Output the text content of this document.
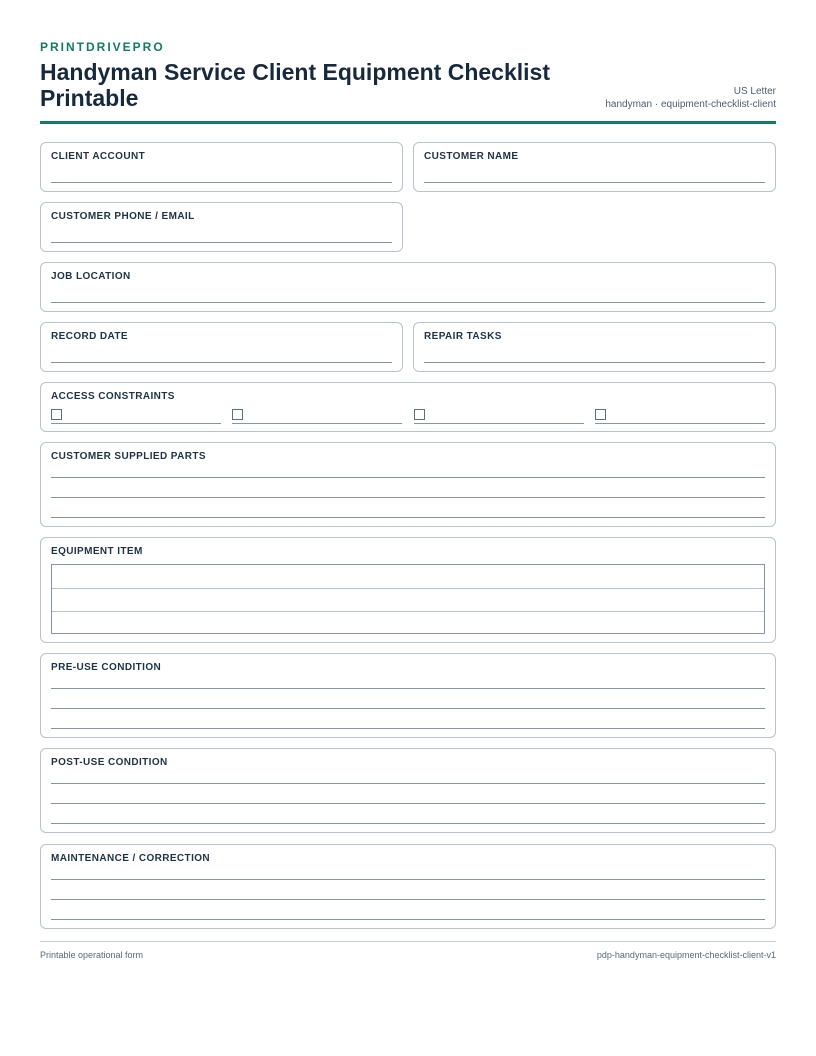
PRINTDRIVEPRO
Handyman Service Client Equipment Checklist Printable	US Letter
handyman · equipment-checklist-client
CLIENT ACCOUNT	CUSTOMER NAME
CUSTOMER PHONE / EMAIL
JOB LOCATION
RECORD DATE	REPAIR TASKS
ACCESS CONSTRAINTS
CUSTOMER SUPPLIED PARTS
EQUIPMENT ITEM
PRE-USE CONDITION
POST-USE CONDITION
MAINTENANCE / CORRECTION
Printable operational form	pdp-handyman-equipment-checklist-client-v1
